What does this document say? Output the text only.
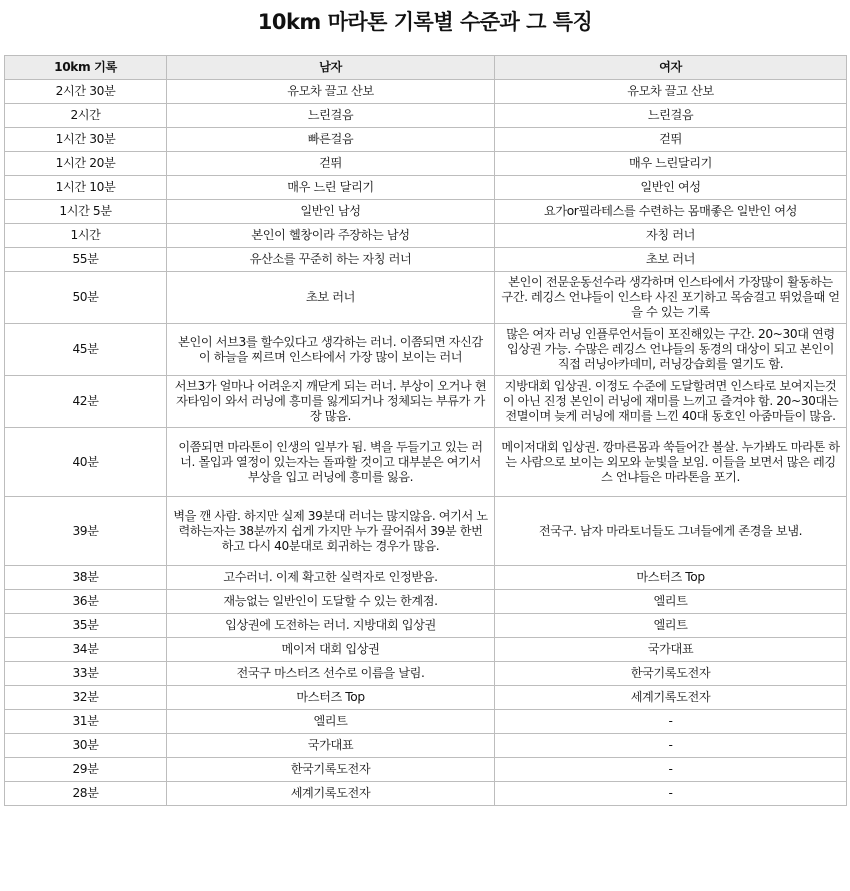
10km 마라톤 기록별 수준과 그 특징
10km 기록	남자	여자
2시간 30분	유모차 끌고 산보	유모차 끌고 산보
2시간	느린걸음	느린걸음
1시간 30분	빠른걸음	걷뛰
1시간 20분	걷뛰	매우 느린달리기
1시간 10분	매우 느린 달리기	일반인 여성
1시간 5분	일반인 남성	요가or필라테스를 수련하는 몸매좋은 일반인 여성
1시간	본인이 헬창이라 주장하는 남성	자칭 러너
55분	유산소를 꾸준히 하는 자칭 러너	초보 러너
50분	초보 러너	본인이 전문운동선수라 생각하며 인스타에서 가장많이 활동하는 구간. 레깅스 언냐들이 인스타 사진 포기하고 목숨걸고 뛰었을때 얻을 수 있는 기록
45분	본인이 서브3를 할수있다고 생각하는 러너. 이쯤되면 자신감이 하늘을 찌르며 인스타에서 가장 많이 보이는 러너	많은 여자 러닝 인플루언서들이 포진해있는 구간. 20~30대 연령 입상권 가능. 수많은 레깅스 언냐들의 동경의 대상이 되고 본인이 직접 러닝아카데미, 러닝강습회를 열기도 함.
42분	서브3가 얼마나 어려운지 깨닫게 되는 러너. 부상이 오거나 현자타임이 와서 러닝에 흥미를 잃게되거나 정체되는 부류가 가장 많음.	지방대회 입상권. 이정도 수준에 도달할려면 인스타로 보여지는것이 아닌 진정 본인이 러닝에 재미를 느끼고 즐겨야 함. 20~30대는 전멸이며 늦게 러닝에 재미를 느낀 40대 동호인 아줌마들이 많음.
40분	이쯤되면 마라톤이 인생의 일부가 됨. 벽을 두들기고 있는 러너. 몰입과 열정이 있는자는 돌파할 것이고 대부분은 여기서 부상을 입고 러닝에 흥미를 잃음.	메이저대회 입상권. 깡마른몸과 쑥들어간 볼살. 누가봐도 마라톤 하는 사람으로 보이는 외모와 눈빛을 보임. 이들을 보면서 많은 레깅스 언냐들은 마라톤을 포기.
39분	벽을 깬 사람. 하지만 실제 39분대 러너는 많지않음. 여기서 노력하는자는 38분까지 쉽게 가지만 누가 끌어줘서 39분 한번하고 다시 40분대로 회귀하는 경우가 많음.	전국구. 남자 마라토너들도 그녀들에게 존경을 보냄.
38분	고수러너. 이제 확고한 실력자로 인정받음.	마스터즈 Top
36분	재능없는 일반인이 도달할 수 있는 한계점.	엘리트
35분	입상권에 도전하는 러너. 지방대회 입상권	엘리트
34분	메이저 대회 입상권	국가대표
33분	전국구 마스터즈 선수로 이름을 날림.	한국기록도전자
32분	마스터즈 Top	세계기록도전자
31분	엘리트	-
30분	국가대표	-
29분	한국기록도전자	-
28분	세계기록도전자	-
